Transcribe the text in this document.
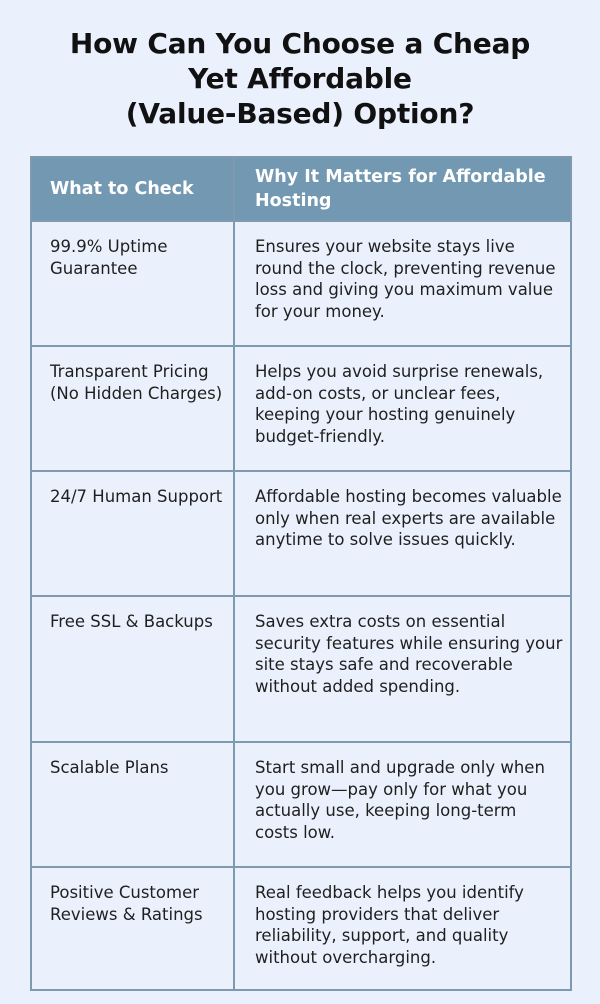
How Can You Choose a Cheap
Yet Affordable
(Value-Based) Option?
What to Check	Why It Matters for Affordable Hosting

99.9% Uptime Guarantee	Ensures your website stays live round the clock, preventing revenue loss and giving you maximum value for your money.

Transparent Pricing (No Hidden Charges)	Helps you avoid surprise renewals, add-on costs, or unclear fees, keeping your hosting genuinely budget-friendly.

24/7 Human Support	Affordable hosting becomes valuable only when real experts are available anytime to solve issues quickly.

Free SSL & Backups	Saves extra costs on essential security features while ensuring your site stays safe and recoverable without added spending.

Scalable Plans	Start small and upgrade only when you grow—pay only for what you actually use, keeping long-term costs low.

Positive Customer Reviews & Ratings	Real feedback helps you identify hosting providers that deliver reliability, support, and quality without overcharging.
